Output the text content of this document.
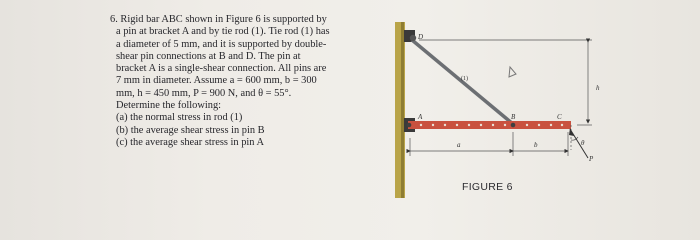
6. Rigid bar ABC shown in Figure 6 is supported by

a pin at bracket A and by tie rod (1). Tie rod (1) has

a diameter of 5 mm, and it is supported by double-

shear pin connections at B and D. The pin at

bracket A is a single-shear connection. All pins are

7 mm in diameter. Assume a = 600 mm, b = 300

mm, h = 450 mm, P = 900 N, and θ = 55°.

Determine the following:

(a) the normal stress in rod (1)

(b) the average shear stress in pin B

(c) the average shear stress in pin A

D
A	B	C
(1)
a	b
h
θ
P
FIGURE 6
